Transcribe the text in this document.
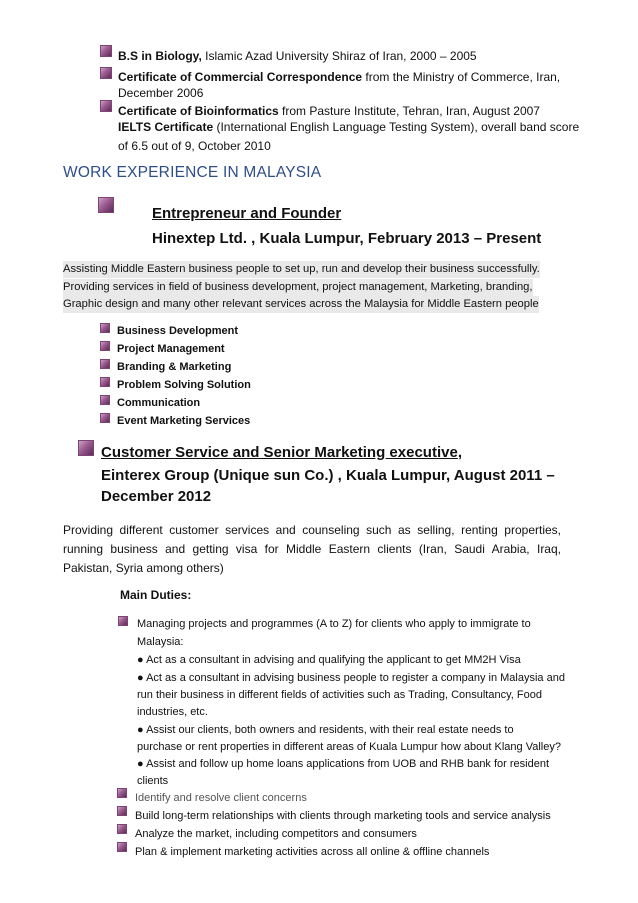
B.S in Biology, Islamic Azad University Shiraz of Iran, 2000 – 2005
Certificate of Commercial Correspondence from the Ministry of Commerce, Iran,
December 2006
Certificate of Bioinformatics from Pasture Institute, Tehran, Iran, August 2007
IELTS Certificate (International English Language Testing System), overall band score
of 6.5 out of 9, October 2010
WORK EXPERIENCE IN MALAYSIA
Entrepreneur and Founder
Hinextep Ltd. , Kuala Lumpur, February 2013 – Present
Assisting Middle Eastern business people to set up, run and develop their business successfully.
Providing services in field of business development, project management, Marketing, branding,
Graphic design and many other relevant services across the Malaysia for Middle Eastern people
Business Development
Project Management
Branding & Marketing
Problem Solving Solution
Communication
Event Marketing Services
Customer Service and Senior Marketing executive,
Einterex Group (Unique sun Co.) , Kuala Lumpur, August 2011 –
December 2012
Providing different customer services and counseling such as selling, renting properties,
running business and getting visa for Middle Eastern clients (Iran, Saudi Arabia, Iraq,
Pakistan, Syria among others)
Main Duties:
Managing projects and programmes (A to Z) for clients who apply to immigrate to
Malaysia:
● Act as a consultant in advising and qualifying the applicant to get MM2H Visa
● Act as a consultant in advising business people to register a company in Malaysia and
run their business in different fields of activities such as Trading, Consultancy, Food
industries, etc.
● Assist our clients, both owners and residents, with their real estate needs to
purchase or rent properties in different areas of Kuala Lumpur how about Klang Valley?
● Assist and follow up home loans applications from UOB and RHB bank for resident
clients
Identify and resolve client concerns
Build long-term relationships with clients through marketing tools and service analysis
Analyze the market, including competitors and consumers
Plan & implement marketing activities across all online & offline channels
